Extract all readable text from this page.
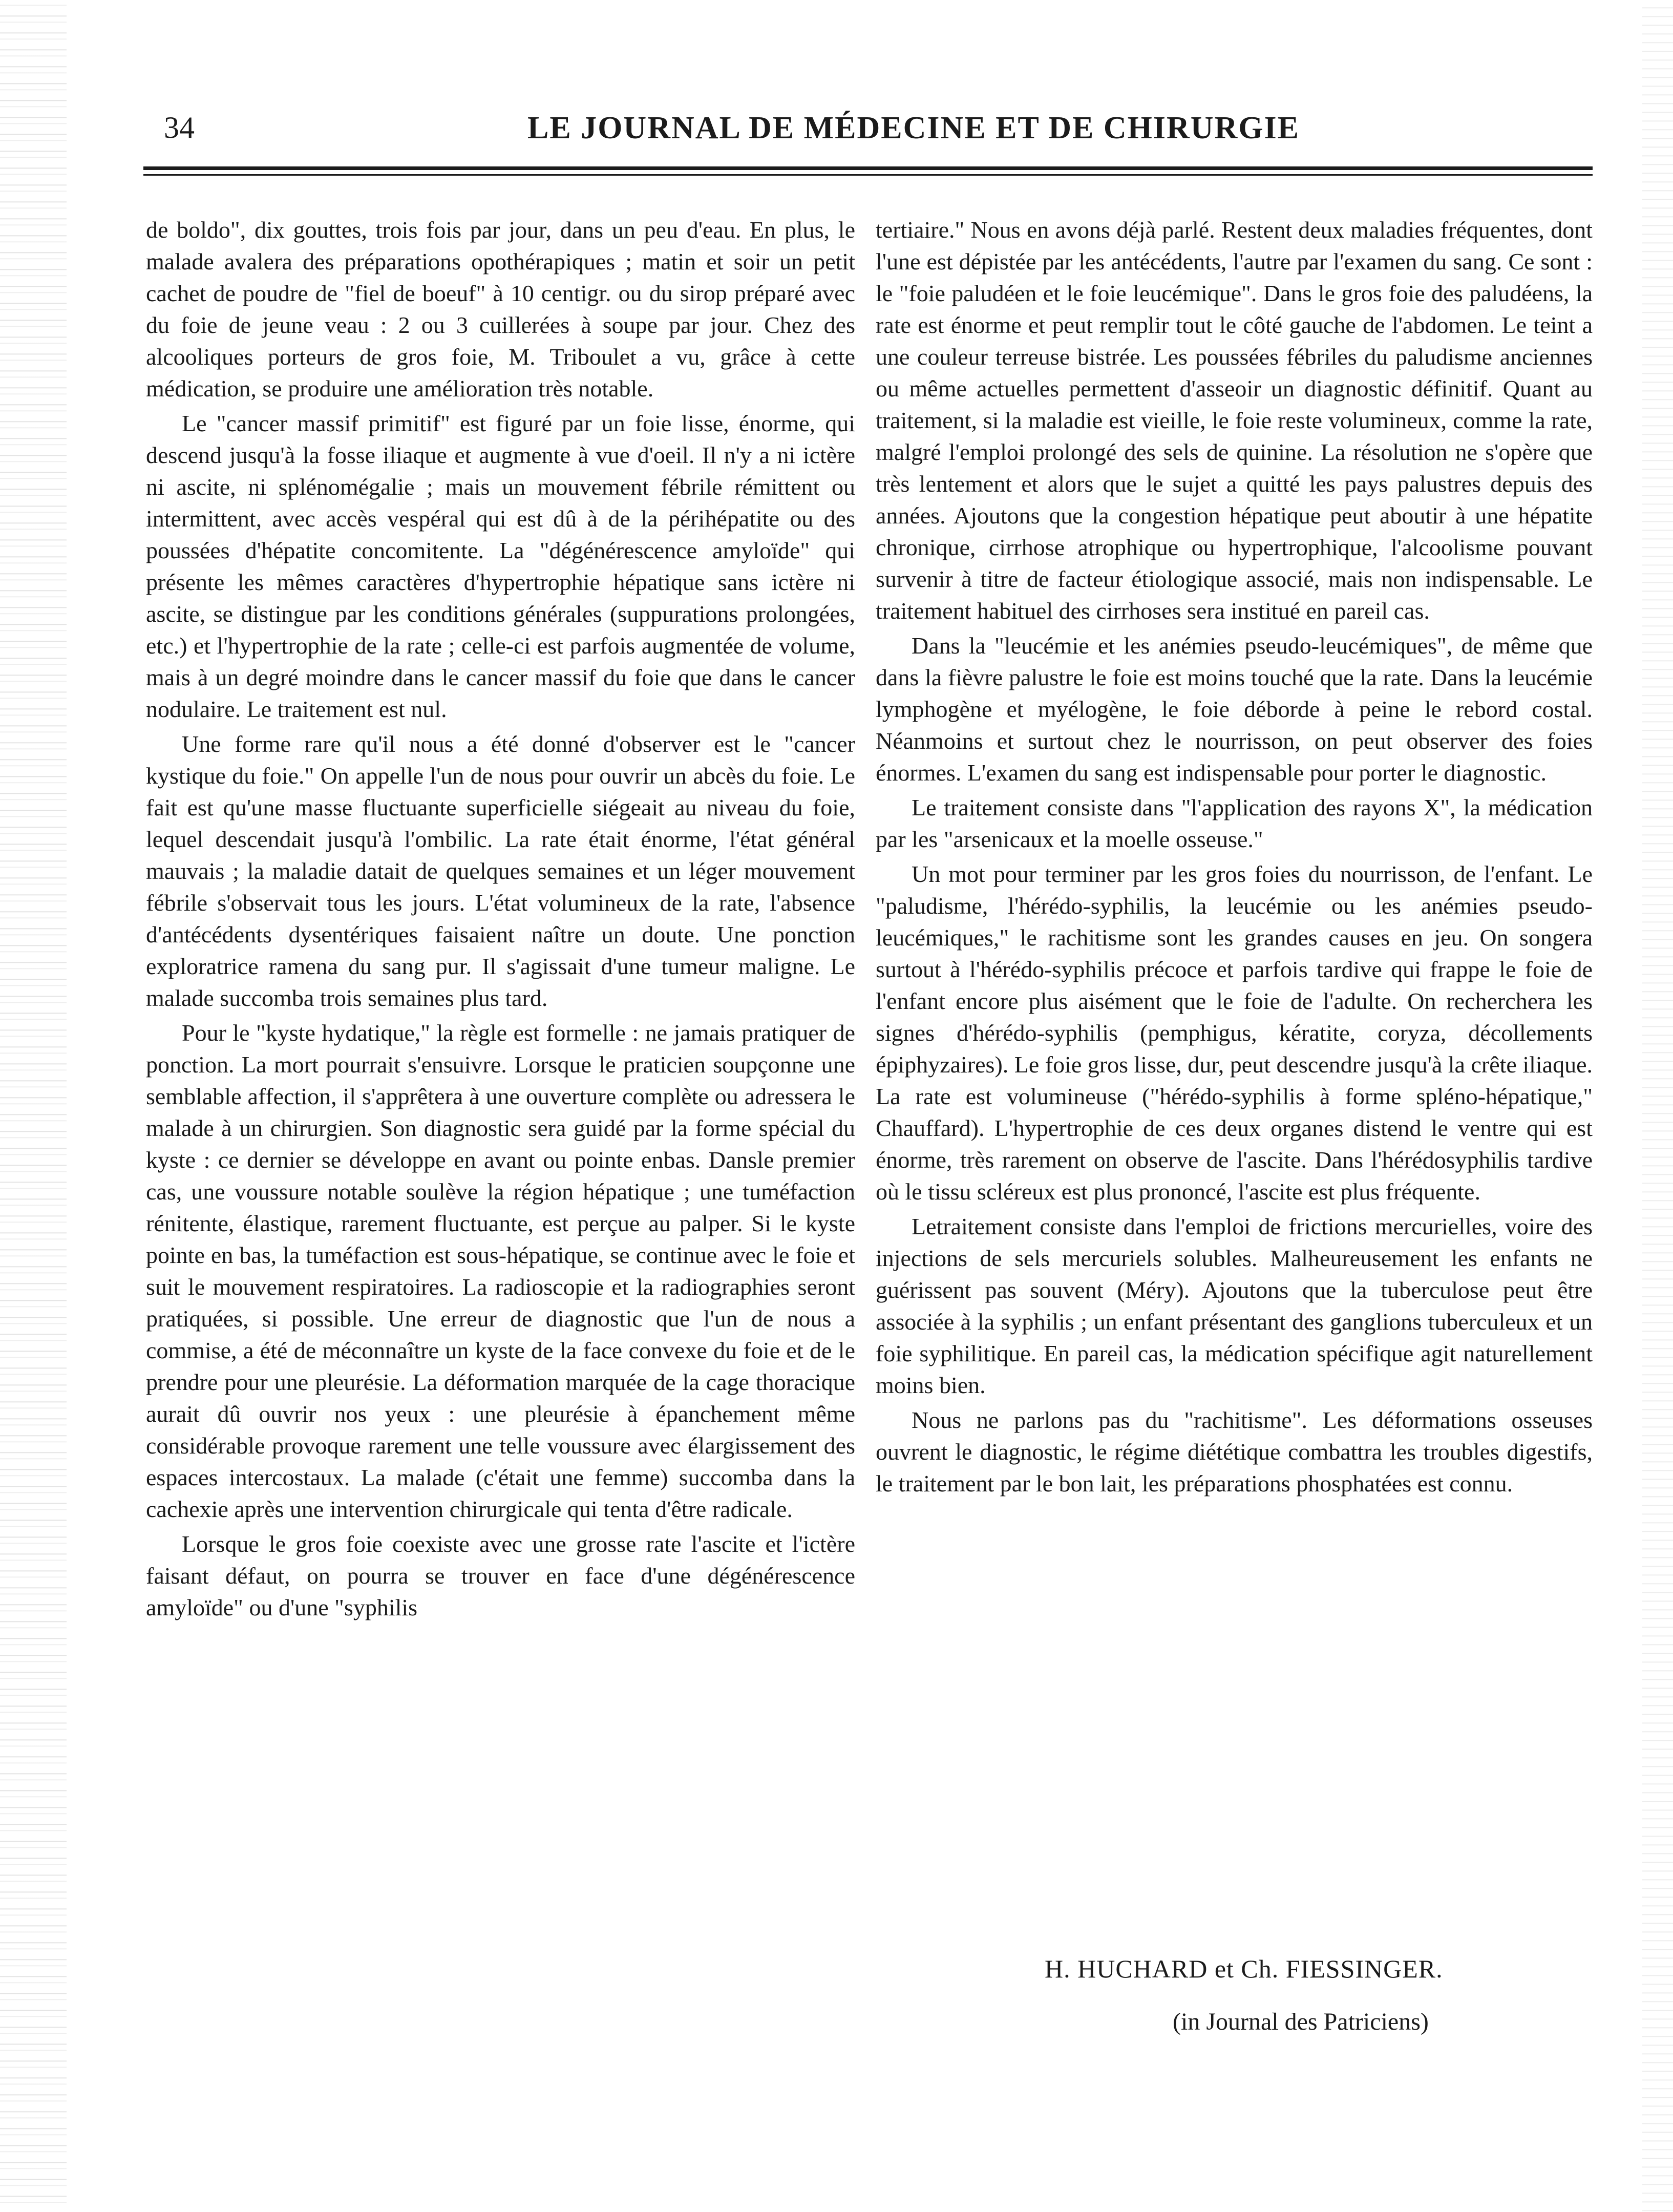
34	LE JOURNAL DE MÉDECINE ET DE CHIRURGIE

de boldo", dix gouttes, trois fois par jour, dans un peu d'eau. En plus, le malade avalera des préparations opothérapiques ; matin et soir un petit cachet de poudre de "fiel de boeuf" à 10 centigr. ou du sirop préparé avec du foie de jeune veau : 2 ou 3 cuillerées à soupe par jour. Chez des alcooliques porteurs de gros foie, M. Triboulet a vu, grâce à cette médication, se produire une amélioration très notable.

Le "cancer massif primitif" est figuré par un foie lisse, énorme, qui descend jusqu'à la fosse iliaque et augmente à vue d'oeil. Il n'y a ni ictère ni ascite, ni splénomégalie ; mais un mouvement fébrile rémittent ou intermittent, avec accès vespéral qui est dû à de la périhépatite ou des poussées d'hépatite concomitente. La "dégénérescence amyloïde" qui présente les mêmes caractères d'hypertrophie hépatique sans ictère ni ascite, se distingue par les conditions générales (suppurations prolongées, etc.) et l'hypertrophie de la rate ; celle-ci est parfois augmentée de volume, mais à un degré moindre dans le cancer massif du foie que dans le cancer nodulaire. Le traitement est nul.

Une forme rare qu'il nous a été donné d'observer est le "cancer kystique du foie." On appelle l'un de nous pour ouvrir un abcès du foie. Le fait est qu'une masse fluctuante superficielle siégeait au niveau du foie, lequel descendait jusqu'à l'ombilic. La rate était énorme, l'état général mauvais ; la maladie datait de quelques semaines et un léger mouvement fébrile s'observait tous les jours. L'état volumineux de la rate, l'absence d'antécédents dysentériques faisaient naître un doute. Une ponction exploratrice ramena du sang pur. Il s'agissait d'une tumeur maligne. Le malade succomba trois semaines plus tard.

Pour le "kyste hydatique," la règle est formelle : ne jamais pratiquer de ponction. La mort pourrait s'ensuivre. Lorsque le praticien soupçonne une semblable affection, il s'apprêtera à une ouverture complète ou adressera le malade à un chirurgien. Son diagnostic sera guidé par la forme spécial du kyste : ce dernier se développe en avant ou pointe enbas. Dansle premier cas, une voussure notable soulève la région hépatique ; une tuméfaction rénitente, élastique, rarement fluctuante, est perçue au palper. Si le kyste pointe en bas, la tuméfaction est sous-hépatique, se continue avec le foie et suit le mouvement respiratoires. La radioscopie et la radiographies seront pratiquées, si possible. Une erreur de diagnostic que l'un de nous a commise, a été de méconnaître un kyste de la face convexe du foie et de le prendre pour une pleurésie. La déformation marquée de la cage thoracique aurait dû ouvrir nos yeux : une pleurésie à épanchement même considérable provoque rarement une telle voussure avec élargissement des espaces intercostaux. La malade (c'était une femme) succomba dans la cachexie après une intervention chirurgicale qui tenta d'être radicale.

Lorsque le gros foie coexiste avec une grosse rate l'ascite et l'ictère faisant défaut, on pourra se trouver en face d'une dégénérescence amyloïde" ou d'une "syphilis

tertiaire." Nous en avons déjà parlé. Restent deux maladies fréquentes, dont l'une est dépistée par les antécédents, l'autre par l'examen du sang. Ce sont : le "foie paludéen et le foie leucémique". Dans le gros foie des paludéens, la rate est énorme et peut remplir tout le côté gauche de l'abdomen. Le teint a une couleur terreuse bistrée. Les poussées fébriles du paludisme anciennes ou même actuelles permettent d'asseoir un diagnostic définitif. Quant au traitement, si la maladie est vieille, le foie reste volumineux, comme la rate, malgré l'emploi prolongé des sels de quinine. La résolution ne s'opère que très lentement et alors que le sujet a quitté les pays palustres depuis des années. Ajoutons que la congestion hépatique peut aboutir à une hépatite chronique, cirrhose atrophique ou hypertrophique, l'alcoolisme pouvant survenir à titre de facteur étiologique associé, mais non indispensable. Le traitement habituel des cirrhoses sera institué en pareil cas.

Dans la "leucémie et les anémies pseudo-leucémiques", de même que dans la fièvre palustre le foie est moins touché que la rate. Dans la leucémie lymphogène et myélogène, le foie déborde à peine le rebord costal. Néanmoins et surtout chez le nourrisson, on peut observer des foies énormes. L'examen du sang est indispensable pour porter le diagnostic.

Le traitement consiste dans "l'application des rayons X", la médication par les "arsenicaux et la moelle osseuse."

Un mot pour terminer par les gros foies du nourrisson, de l'enfant. Le "paludisme, l'hérédo-syphilis, la leucémie ou les anémies pseudo-leucémiques," le rachitisme sont les grandes causes en jeu. On songera surtout à l'hérédo-syphilis précoce et parfois tardive qui frappe le foie de l'enfant encore plus aisément que le foie de l'adulte. On recherchera les signes d'hérédo-syphilis (pemphigus, kératite, coryza, décollements épiphyzaires). Le foie gros lisse, dur, peut descendre jusqu'à la crête iliaque. La rate est volumineuse ("hérédo-syphilis à forme spléno-hépatique," Chauffard). L'hypertrophie de ces deux organes distend le ventre qui est énorme, très rarement on observe de l'ascite. Dans l'hérédosyphilis tardive où le tissu scléreux est plus prononcé, l'ascite est plus fréquente.

Letraitement consiste dans l'emploi de frictions mercurielles, voire des injections de sels mercuriels solubles. Malheureusement les enfants ne guérissent pas souvent (Méry). Ajoutons que la tuberculose peut être associée à la syphilis ; un enfant présentant des ganglions tuberculeux et un foie syphilitique. En pareil cas, la médication spécifique agit naturellement moins bien.

Nous ne parlons pas du "rachitisme". Les déformations osseuses ouvrent le diagnostic, le régime diététique combattra les troubles digestifs, le traitement par le bon lait, les préparations phosphatées est connu.

H. HUCHARD et Ch. FIESSINGER.
(in Journal des Patriciens)
